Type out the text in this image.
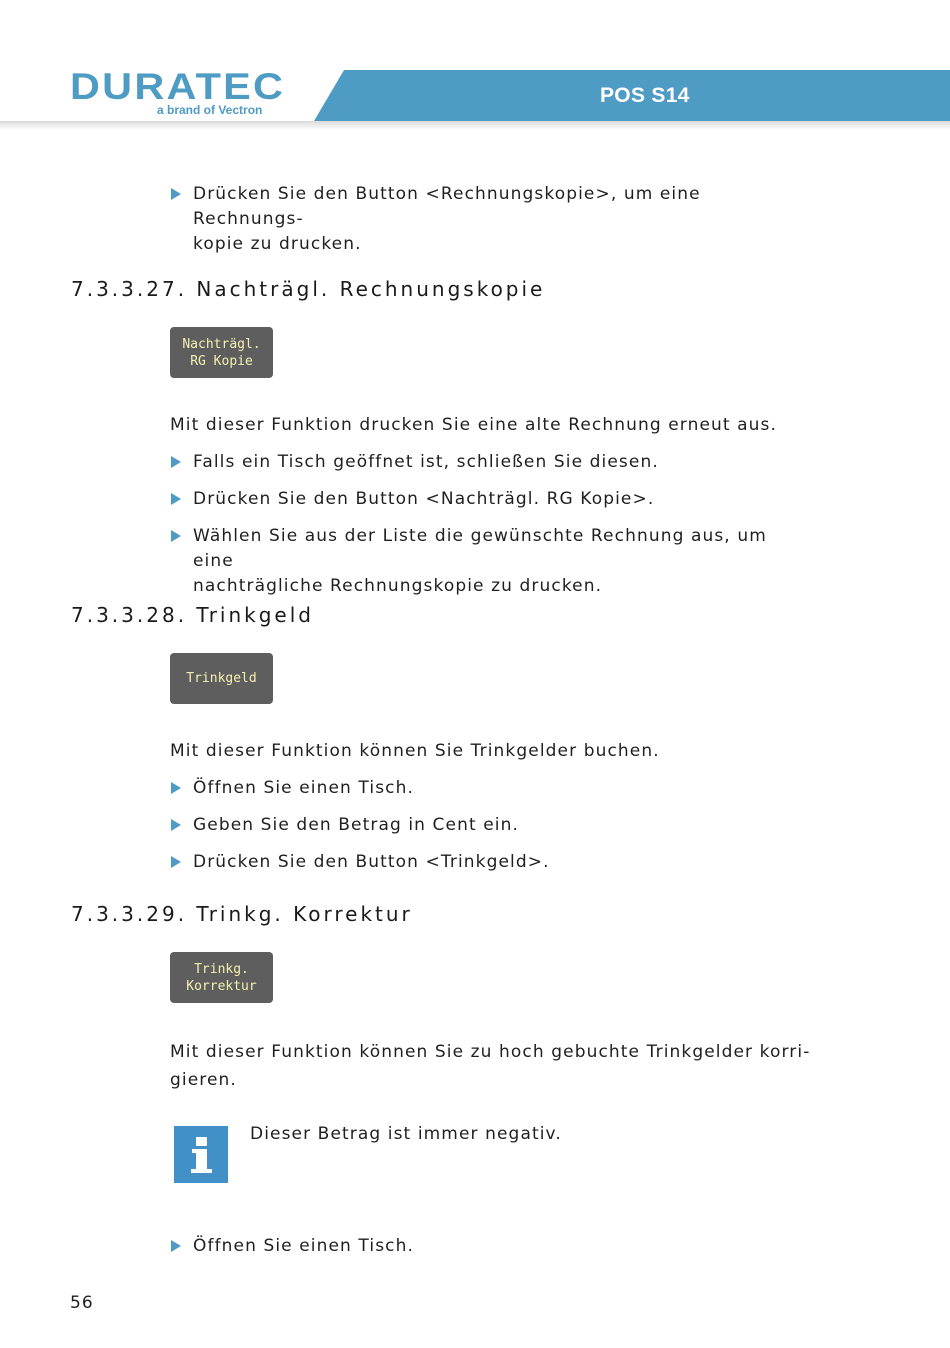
DURATEC
a brand of Vectron
POS S14
Drücken Sie den Button <Rechnungskopie>, um eine Rechnungs-
kopie zu drucken.
7.3.3.27. Nachträgl. Rechnungskopie
Nachträgl.
RG Kopie

Mit dieser Funktion drucken Sie eine alte Rechnung erneut aus.

Falls ein Tisch geöffnet ist, schließen Sie diesen.
Drücken Sie den Button <Nachträgl. RG Kopie>.
Wählen Sie aus der Liste die gewünschte Rechnung aus, um eine
nachträgliche Rechnungskopie zu drucken.
7.3.3.28. Trinkgeld
Trinkgeld

Mit dieser Funktion können Sie Trinkgelder buchen.

Öffnen Sie einen Tisch.
Geben Sie den Betrag in Cent ein.
Drücken Sie den Button <Trinkgeld>.
7.3.3.29. Trinkg. Korrektur
Trinkg.
Korrektur

Mit dieser Funktion können Sie zu hoch gebuchte Trinkgelder korri-
gieren.

Dieser Betrag ist immer negativ.

Öffnen Sie einen Tisch.
56
